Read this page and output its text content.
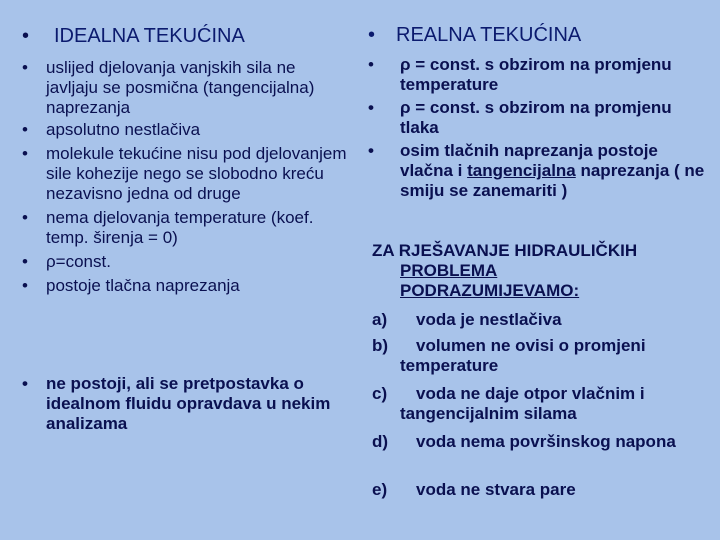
• IDEALNA TEKUĆINA
• uslijed djelovanja vanjskih sila ne javljaju se posmična (tangencijalna) naprezanja
• apsolutno nestlačiva
• molekule tekućine nisu pod djelovanjem sile kohezije nego se slobodno kreću nezavisno jedna od druge
• nema djelovanja temperature (koef. temp. širenja = 0)
• ρ=const.
• postoje tlačna naprezanja
• ne postoji, ali se pretpostavka o idealnom fluidu opravdava u nekim analizama
• REALNA TEKUĆINA
• ρ = const. s obzirom na promjenu temperature
• ρ = const. s obzirom na promjenu tlaka
• osim tlačnih naprezanja postoje vlačna i tangencijalna naprezanja ( ne smiju se zanemariti )
ZA RJEŠAVANJE HIDRAULIČKIH
PROBLEMA
PODRAZUMIJEVAMO:
a)	voda je nestlačiva
b)	volumen ne ovisi o promjeni temperature
c)	voda ne daje otpor vlačnim i tangencijalnim silama
d)	voda nema površinskog napona
e)	voda ne stvara pare
